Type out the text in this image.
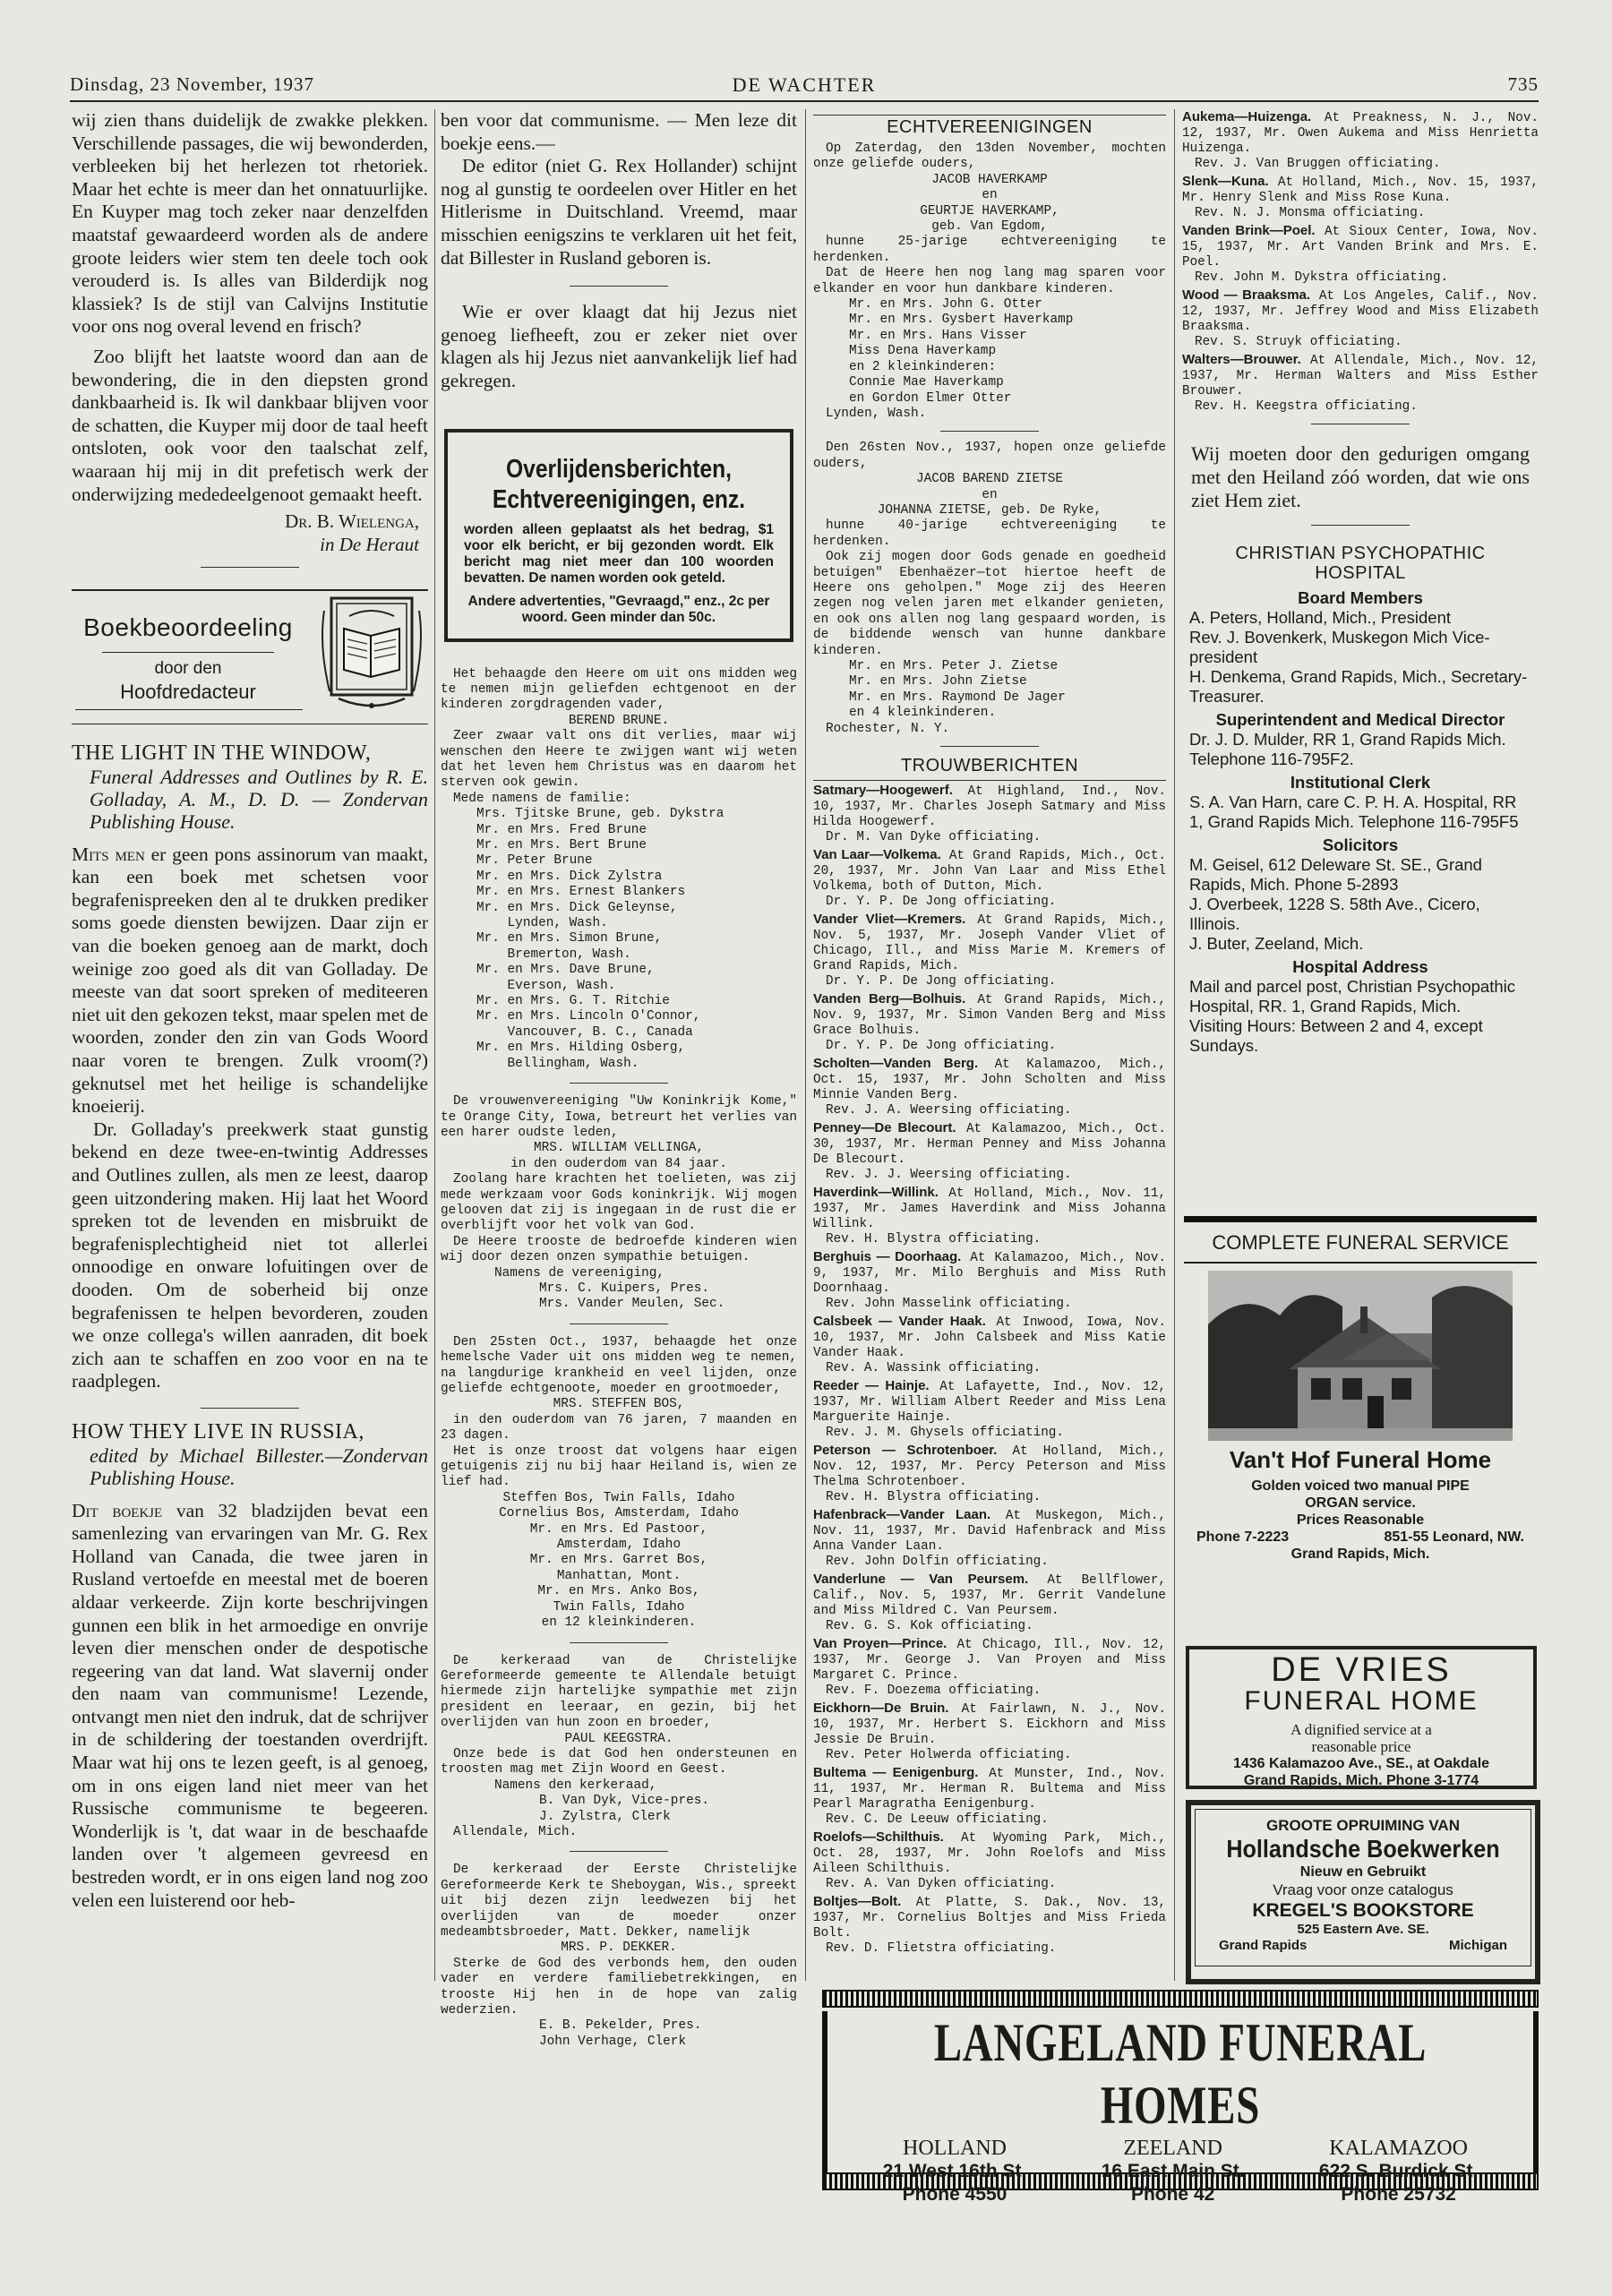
Dinsdag, 23 November, 1937	DE WACHTER	735

wij zien thans duidelijk de zwakke plekken. Verschillende passages, die wij bewonderden, verbleeken bij het herlezen tot rhetoriek. Maar het echte is meer dan het onnatuurlijke. En Kuyper mag toch zeker naar denzelfden maatstaf gewaardeerd worden als de andere groote leiders wier stem ten deele toch ook verouderd is. Is alles van Bilderdijk nog klassiek? Is de stijl van Calvijns Institutie voor ons nog overal levend en frisch?

Zoo blijft het laatste woord dan aan de bewondering, die in den diepsten grond dankbaarheid is. Ik wil dankbaar blijven voor de schatten, die Kuyper mij door de taal heeft ontsloten, ook voor den taalschat zelf, waaraan hij mij in dit prefetisch werk der onderwijzing mededeelgenoot gemaakt heeft.

Dr. B. Wielenga,
in De Heraut
Boekbeoordeeling
door den
Hoofdredacteur
THE LIGHT IN THE WINDOW,
Funeral Addresses and Outlines by R. E. Golladay, A. M., D. D. — Zondervan Publishing House.

Mits men er geen pons assinorum van maakt, kan een boek met schetsen voor begrafenispreeken den al te drukken prediker soms goede diensten bewijzen. Daar zijn er van die boeken genoeg aan de markt, doch weinige zoo goed als dit van Golladay. De meeste van dat soort spreken of mediteeren niet uit den gekozen tekst, maar spelen met de woorden, zonder den zin van Gods Woord naar voren te brengen. Zulk vroom(?) geknutsel met het heilige is schandelijke knoeierij.

Dr. Golladay's preekwerk staat gunstig bekend en deze twee-en-twintig Addresses and Outlines zullen, als men ze leest, daarop geen uitzondering maken. Hij laat het Woord spreken tot de levenden en misbruikt de begrafenisplechtigheid niet tot allerlei onnoodige en onware lofuitingen over de dooden. Om de soberheid bij onze begrafenissen te helpen bevorderen, zouden we onze collega's willen aanraden, dit boek zich aan te schaffen en zoo voor en na te raadplegen.

HOW THEY LIVE IN RUSSIA,
edited by Michael Billester.—Zondervan Publishing House.

Dit boekje van 32 bladzijden bevat een samenlezing van ervaringen van Mr. G. Rex Holland van Canada, die twee jaren in Rusland vertoefde en meestal met de boeren aldaar verkeerde. Zijn korte beschrijvingen gunnen een blik in het armoedige en onvrije leven dier menschen onder de despotische regeering van dat land. Wat slavernij onder den naam van communisme! Lezende, ontvangt men niet den indruk, dat de schrijver in de schildering der toestanden overdrijft. Maar wat hij ons te lezen geeft, is al genoeg, om in ons eigen land niet meer van het Russische communisme te begeeren. Wonderlijk is 't, dat waar in de beschaafde landen over 't algemeen gevreesd en bestreden wordt, er in ons eigen land nog zoo velen een luisterend oor heb-

ben voor dat communisme. — Men leze dit boekje eens.—

De editor (niet G. Rex Hollander) schijnt nog al gunstig te oordeelen over Hitler en het Hitlerisme in Duitschland. Vreemd, maar misschien eenigszins te verklaren uit het feit, dat Billester in Rusland geboren is.

Wie er over klaagt dat hij Jezus niet genoeg liefheeft, zou er zeker niet over klagen als hij Jezus niet aanvankelijk lief had gekregen.

Overlijdensberichten, Echtvereenigingen, enz.
worden alleen geplaatst als het bedrag, $1 voor elk bericht, er bij gezonden wordt. Elk bericht mag niet meer dan 100 woorden bevatten. De namen worden ook geteld.
Andere advertenties, "Gevraagd," enz., 2c per woord. Geen minder dan 50c.

Het behaagde den Heere om uit ons midden weg te nemen mijn geliefden echtgenoot en der kinderen zorgdragenden vader,

BEREND BRUNE.

Zeer zwaar valt ons dit verlies, maar wij wenschen den Heere te zwijgen want wij weten dat het leven hem Christus was en daarom het sterven ook gewin.

Mede namens de familie:

Mrs. Tjitske Brune, geb. Dykstra
Mr. en Mrs. Fred Brune
Mr. en Mrs. Bert Brune
Mr. Peter Brune
Mr. en Mrs. Dick Zylstra
Mr. en Mrs. Ernest Blankers
Mr. en Mrs. Dick Geleynse,
Lynden, Wash.
Mr. en Mrs. Simon Brune,
Bremerton, Wash.
Mr. en Mrs. Dave Brune,
Everson, Wash.
Mr. en Mrs. G. T. Ritchie
Mr. en Mrs. Lincoln O'Connor,
Vancouver, B. C., Canada
Mr. en Mrs. Hilding Osberg,
Bellingham, Wash.

De vrouwenvereeniging "Uw Koninkrijk Kome," te Orange City, Iowa, betreurt het verlies van een harer oudste leden,

MRS. WILLIAM VELLINGA,

in den ouderdom van 84 jaar.

Zoolang hare krachten het toelieten, was zij mede werkzaam voor Gods koninkrijk. Wij mogen gelooven dat zij is ingegaan in de rust die er overblijft voor het volk van God.

De Heere trooste de bedroefde kinderen wien wij door dezen onzen sympathie betuigen.

Namens de vereeniging,

Mrs. C. Kuipers, Pres.

Mrs. Vander Meulen, Sec.

Den 25sten Oct., 1937, behaagde het onze hemelsche Vader uit ons midden weg te nemen, na langdurige krankheid en veel lijden, onze geliefde echtgenoote, moeder en grootmoeder,

MRS. STEFFEN BOS,

in den ouderdom van 76 jaren, 7 maanden en 23 dagen.

Het is onze troost dat volgens haar eigen getuigenis zij nu bij haar Heiland is, wien ze lief had.

Steffen Bos, Twin Falls, Idaho
Cornelius Bos, Amsterdam, Idaho
Mr. en Mrs. Ed Pastoor,
Amsterdam, Idaho
Mr. en Mrs. Garret Bos,
Manhattan, Mont.
Mr. en Mrs. Anko Bos,
Twin Falls, Idaho
en 12 kleinkinderen.

De kerkeraad van de Christelijke Gereformeerde gemeente te Allendale betuigt hiermede zijn hartelijke sympathie met zijn president en leeraar, en gezin, bij het overlijden van hun zoon en broeder,

PAUL KEEGSTRA.

Onze bede is dat God hen ondersteunen en troosten mag met Zijn Woord en Geest.

Namens den kerkeraad,

B. Van Dyk, Vice-pres.

J. Zylstra, Clerk

Allendale, Mich.

De kerkeraad der Eerste Christelijke Gereformeerde Kerk te Sheboygan, Wis., spreekt uit bij dezen zijn leedwezen bij het overlijden van de moeder onzer medeambtsbroeder, Matt. Dekker, namelijk

MRS. P. DEKKER.

Sterke de God des verbonds hem, den ouden vader en verdere familiebetrekkingen, en trooste Hij hen in de hope van zalig wederzien.

E. B. Pekelder, Pres.

John Verhage, Clerk

ECHTVEREENIGINGEN

Op Zaterdag, den 13den November, mochten onze geliefde ouders,

JACOB HAVERKAMP

en

GEURTJE HAVERKAMP,

geb. Van Egdom,

hunne 25-jarige echtvereeniging te herdenken.

Dat de Heere hen nog lang mag sparen voor elkander en voor hun dankbare kinderen.

Mr. en Mrs. John G. Otter
Mr. en Mrs. Gysbert Haverkamp
Mr. en Mrs. Hans Visser
Miss Dena Haverkamp
en 2 kleinkinderen:
Connie Mae Haverkamp
en Gordon Elmer Otter

Lynden, Wash.

Den 26sten Nov., 1937, hopen onze geliefde ouders,

JACOB BAREND ZIETSE

en

JOHANNA ZIETSE, geb. De Ryke,

hunne 40-jarige echtvereeniging te herdenken.

Ook zij mogen door Gods genade en goedheid betuigen" Ebenhaëzer—tot hiertoe heeft de Heere ons geholpen." Moge zij des Heeren zegen nog velen jaren met elkander genieten, en ook ons allen nog lang gespaard worden, is de biddende wensch van hunne dankbare kinderen.

Mr. en Mrs. Peter J. Zietse
Mr. en Mrs. John Zietse
Mr. en Mrs. Raymond De Jager
en 4 kleinkinderen.

Rochester, N. Y.

TROUWBERICHTEN
Satmary—Hoogewerf. At Highland, Ind., Nov. 10, 1937, Mr. Charles Joseph Satmary and Miss Hilda Hoogewerf.
Dr. M. Van Dyke officiating.
Van Laar—Volkema. At Grand Rapids, Mich., Oct. 20, 1937, Mr. John Van Laar and Miss Ethel Volkema, both of Dutton, Mich.
Dr. Y. P. De Jong officiating.
Vander Vliet—Kremers. At Grand Rapids, Mich., Nov. 5, 1937, Mr. Joseph Vander Vliet of Chicago, Ill., and Miss Marie M. Kremers of Grand Rapids, Mich.
Dr. Y. P. De Jong officiating.
Vanden Berg—Bolhuis. At Grand Rapids, Mich., Nov. 9, 1937, Mr. Simon Vanden Berg and Miss Grace Bolhuis.
Dr. Y. P. De Jong officiating.
Scholten—Vanden Berg. At Kalamazoo, Mich., Oct. 15, 1937, Mr. John Scholten and Miss Minnie Vanden Berg.
Rev. J. A. Weersing officiating.
Penney—De Blecourt. At Kalamazoo, Mich., Oct. 30, 1937, Mr. Herman Penney and Miss Johanna De Blecourt.
Rev. J. J. Weersing officiating.
Haverdink—Willink. At Holland, Mich., Nov. 11, 1937, Mr. James Haverdink and Miss Johanna Willink.
Rev. H. Blystra officiating.
Berghuis — Doorhaag. At Kalamazoo, Mich., Nov. 9, 1937, Mr. Milo Berghuis and Miss Ruth Doornhaag.
Rev. John Masselink officiating.
Calsbeek — Vander Haak. At Inwood, Iowa, Nov. 10, 1937, Mr. John Calsbeek and Miss Katie Vander Haak.
Rev. A. Wassink officiating.
Reeder — Hainje. At Lafayette, Ind., Nov. 12, 1937, Mr. William Albert Reeder and Miss Lena Marguerite Hainje.
Rev. J. M. Ghysels officiating.
Peterson — Schrotenboer. At Holland, Mich., Nov. 12, 1937, Mr. Percy Peterson and Miss Thelma Schrotenboer.
Rev. H. Blystra officiating.
Hafenbrack—Vander Laan. At Muskegon, Mich., Nov. 11, 1937, Mr. David Hafenbrack and Miss Anna Vander Laan.
Rev. John Dolfin officiating.
Vanderlune — Van Peursem. At Bellflower, Calif., Nov. 5, 1937, Mr. Gerrit Vandelune and Miss Mildred C. Van Peursem.
Rev. G. S. Kok officiating.
Van Proyen—Prince. At Chicago, Ill., Nov. 12, 1937, Mr. George J. Van Proyen and Miss Margaret C. Prince.
Rev. F. Doezema officiating.
Eickhorn—De Bruin. At Fairlawn, N. J., Nov. 10, 1937, Mr. Herbert S. Eickhorn and Miss Jessie De Bruin.
Rev. Peter Holwerda officiating.
Bultema — Eenigenburg. At Munster, Ind., Nov. 11, 1937, Mr. Herman R. Bultema and Miss Pearl Maragratha Eenigenburg.
Rev. C. De Leeuw officiating.
Roelofs—Schilthuis. At Wyoming Park, Mich., Oct. 28, 1937, Mr. John Roelofs and Miss Aileen Schilthuis.
Rev. A. Van Dyken officiating.
Boltjes—Bolt. At Platte, S. Dak., Nov. 13, 1937, Mr. Cornelius Boltjes and Miss Frieda Bolt.
Rev. D. Flietstra officiating.
Aukema—Huizenga. At Preakness, N. J., Nov. 12, 1937, Mr. Owen Aukema and Miss Henrietta Huizenga.
Rev. J. Van Bruggen officiating.
Slenk—Kuna. At Holland, Mich., Nov. 15, 1937, Mr. Henry Slenk and Miss Rose Kuna.
Rev. N. J. Monsma officiating.
Vanden Brink—Poel. At Sioux Center, Iowa, Nov. 15, 1937, Mr. Art Vanden Brink and Mrs. E. Poel.
Rev. John M. Dykstra officiating.
Wood — Braaksma. At Los Angeles, Calif., Nov. 12, 1937, Mr. Jeffrey Wood and Miss Elizabeth Braaksma.
Rev. S. Struyk officiating.
Walters—Brouwer. At Allendale, Mich., Nov. 12, 1937, Mr. Herman Walters and Miss Esther Brouwer.
Rev. H. Keegstra officiating.
Wij moeten door den gedurigen omgang met den Heiland zóó worden, dat wie ons ziet Hem ziet.

CHRISTIAN PSYCHOPATHIC

HOSPITAL

Board Members

A. Peters, Holland, Mich., President

Rev. J. Bovenkerk, Muskegon Mich Vice-president

H. Denkema, Grand Rapids, Mich., Secretary-Treasurer.

Superintendent and Medical Director

Dr. J. D. Mulder, RR 1, Grand Rapids Mich. Telephone 116-795F2.

Institutional Clerk

S. A. Van Harn, care C. P. H. A. Hospital, RR 1, Grand Rapids Mich. Telephone 116-795F5

Solicitors

M. Geisel, 612 Deleware St. SE., Grand Rapids, Mich. Phone 5-2893

J. Overbeek, 1228 S. 58th Ave., Cicero, Illinois.

J. Buter, Zeeland, Mich.

Hospital Address

Mail and parcel post, Christian Psychopathic Hospital, RR. 1, Grand Rapids, Mich.

Visiting Hours: Between 2 and 4, except Sundays.

COMPLETE FUNERAL SERVICE
Van't Hof Funeral Home
Golden voiced two manual PIPE
ORGAN service.
Prices Reasonable
Phone 7-2223	851-55 Leonard, NW.
Grand Rapids, Mich.
DE VRIES
FUNERAL HOME
A dignified service at a
reasonable price
1436 Kalamazoo Ave., SE., at Oakdale
Grand Rapids, Mich. Phone 3-1774
GROOTE OPRUIMING VAN
Hollandsche Boekwerken
Nieuw en Gebruikt
Vraag voor onze catalogus
KREGEL'S BOOKSTORE
525 Eastern Ave. SE.
Grand Rapids	Michigan
LANGELAND FUNERAL HOMES
HOLLAND
21 West 16th St.
Phone 4550
ZEELAND
16 East Main St.
Phone 42
KALAMAZOO
622 S. Burdick St.
Phone 25732
